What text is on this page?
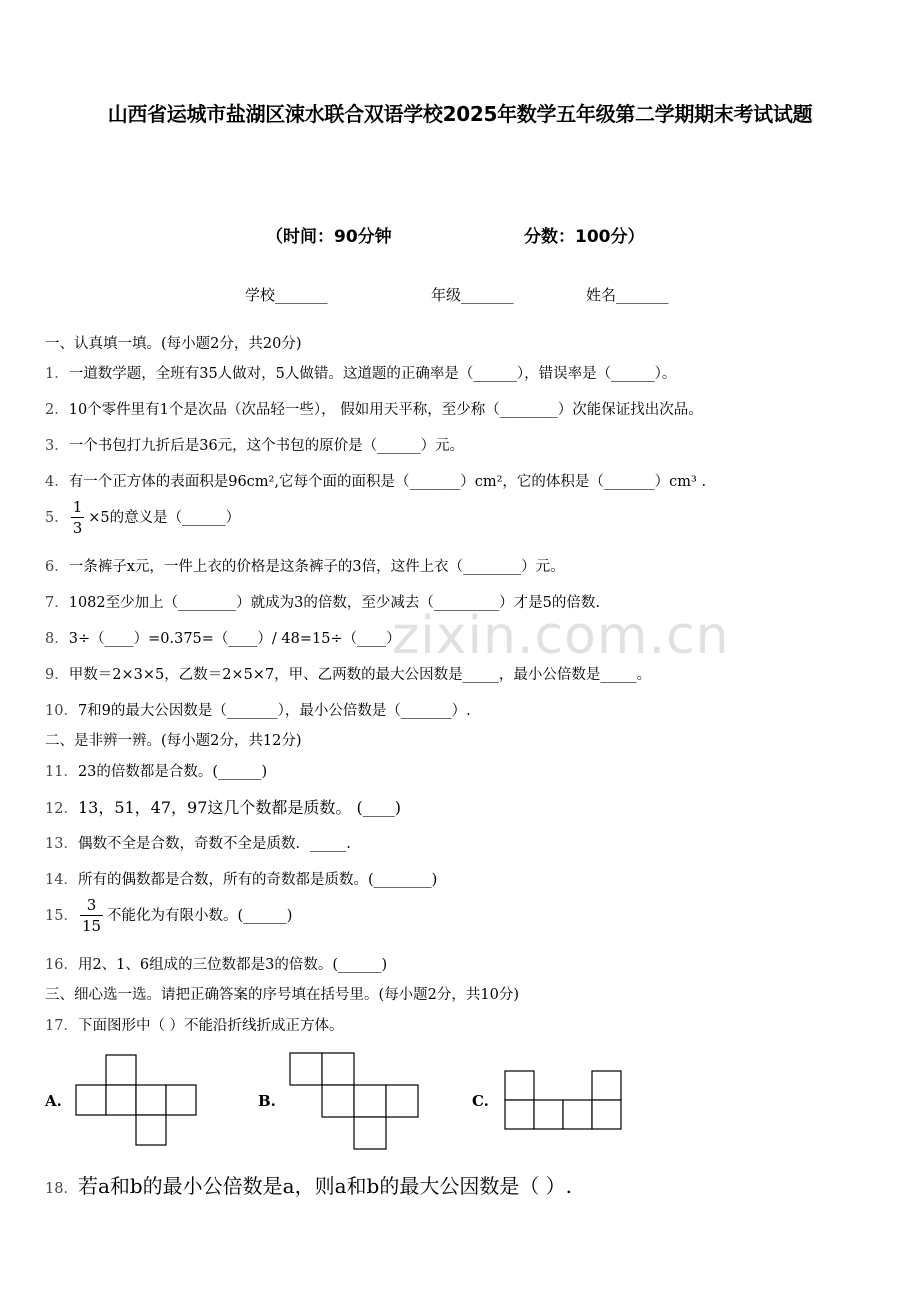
山西省运城市盐湖区涑水联合双语学校2025年数学五年级第二学期期末考试试题
（时间：90分钟	分数：100分）
学校_______	年级_______	姓名_______
zixin.com.cn
一、认真填一填。(每小题2分，共20分)
1．一道数学题，全班有35人做对，5人做错。这道题的正确率是（______），错误率是（______）。
2．10个零件里有1个是次品（次品轻一些）， 假如用天平称，至少称（________）次能保证找出次品。
3．一个书包打九折后是36元，这个书包的原价是（______）元。
4．有一个正方体的表面积是96cm²,它每个面的面积是（_______）cm²，它的体积是（_______）cm³ .
5． $\frac{1}{3} \times 5$的意义是（______）
6．一条裤子x元，一件上衣的价格是这条裤子的3倍，这件上衣（________）元。
7．1082至少加上（________）就成为3的倍数，至少减去（_________）才是5的倍数.
8．3÷（____）=0.375=（____）/ 48=15÷（____）
9．甲数＝2×3×5，乙数＝2×5×7，甲、乙两数的最大公因数是_____，最小公倍数是_____。
10．7和9的最大公因数是（_______），最小公倍数是（_______）.
二、是非辨一辨。(每小题2分，共12分)
11．23的倍数都是合数。(______)
12．13，51，47，97这几个数都是质数。 (____)
13．偶数不全是合数，奇数不全是质数．_____.
14．所有的偶数都是合数，所有的奇数都是质数。(________)
15． $\frac{3}{15}$ 不能化为有限小数。(______)
16．用2、1、6组成的三位数都是3的倍数。(______)
三、细心选一选。请把正确答案的序号填在括号里。(每小题2分，共10分)
17．下面图形中（ ）不能沿折线折成正方体。
A.	B.	C.
18．若a和b的最小公倍数是a，则a和b的最大公因数是（ ）.
